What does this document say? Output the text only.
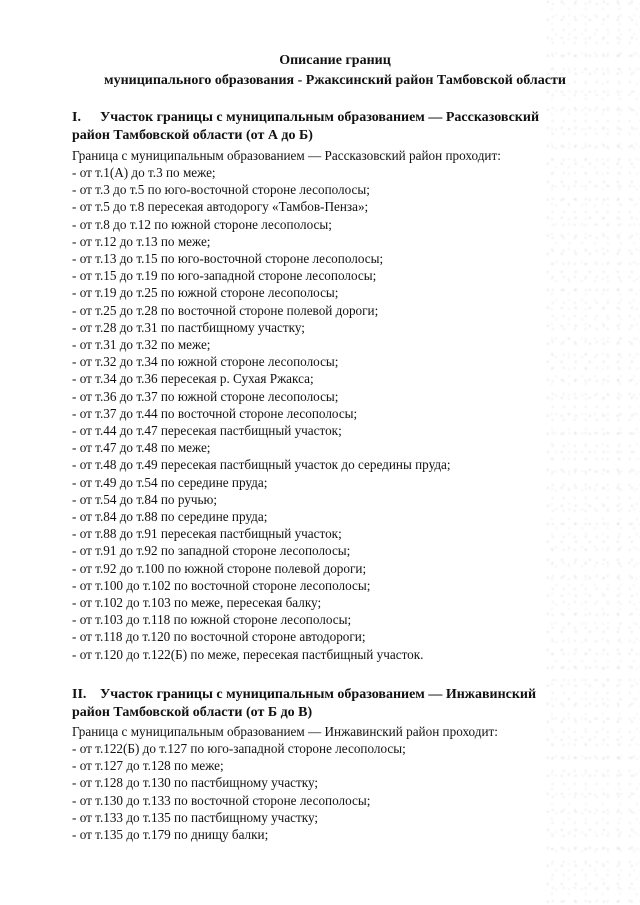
Описание границ
муниципального образования - Ржаксинский район Тамбовской области
I. Участок границы с муниципальным образованием — Рассказовский
район Тамбовской области (от А до Б)
Граница с муниципальным образованием — Рассказовский район проходит:
- от т.1(А) до т.3 по меже;
- от т.3 до т.5 по юго-восточной стороне лесополосы;
- от т.5 до т.8 пересекая автодорогу «Тамбов-Пенза»;
- от т.8 до т.12 по южной стороне лесополосы;
- от т.12 до т.13 по меже;
- от т.13 до т.15 по юго-восточной стороне лесополосы;
- от т.15 до т.19 по юго-западной стороне лесополосы;
- от т.19 до т.25 по южной стороне лесополосы;
- от т.25 до т.28 по восточной стороне полевой дороги;
- от т.28 до т.31 по пастбищному участку;
- от т.31 до т.32 по меже;
- от т.32 до т.34 по южной стороне лесополосы;
- от т.34 до т.36 пересекая р. Сухая Ржакса;
- от т.36 до т.37 по южной стороне лесополосы;
- от т.37 до т.44 по восточной стороне лесополосы;
- от т.44 до т.47 пересекая пастбищный участок;
- от т.47 до т.48 по меже;
- от т.48 до т.49 пересекая пастбищный участок до середины пруда;
- от т.49 до т.54 по середине пруда;
- от т.54 до т.84 по ручью;
- от т.84 до т.88 по середине пруда;
- от т.88 до т.91 пересекая пастбищный участок;
- от т.91 до т.92 по западной стороне лесополосы;
- от т.92 до т.100 по южной стороне полевой дороги;
- от т.100 до т.102 по восточной стороне лесополосы;
- от т.102 до т.103 по меже, пересекая балку;
- от т.103 до т.118 по южной стороне лесополосы;
- от т.118 до т.120 по восточной стороне автодороги;
- от т.120 до т.122(Б) по меже, пересекая пастбищный участок.
II. Участок границы с муниципальным образованием — Инжавинский
район Тамбовской области (от Б до В)
Граница с муниципальным образованием — Инжавинский район проходит:
- от т.122(Б) до т.127 по юго-западной стороне лесополосы;
- от т.127 до т.128 по меже;
- от т.128 до т.130 по пастбищному участку;
- от т.130 до т.133 по восточной стороне лесополосы;
- от т.133 до т.135 по пастбищному участку;
- от т.135 до т.179 по днищу балки;
